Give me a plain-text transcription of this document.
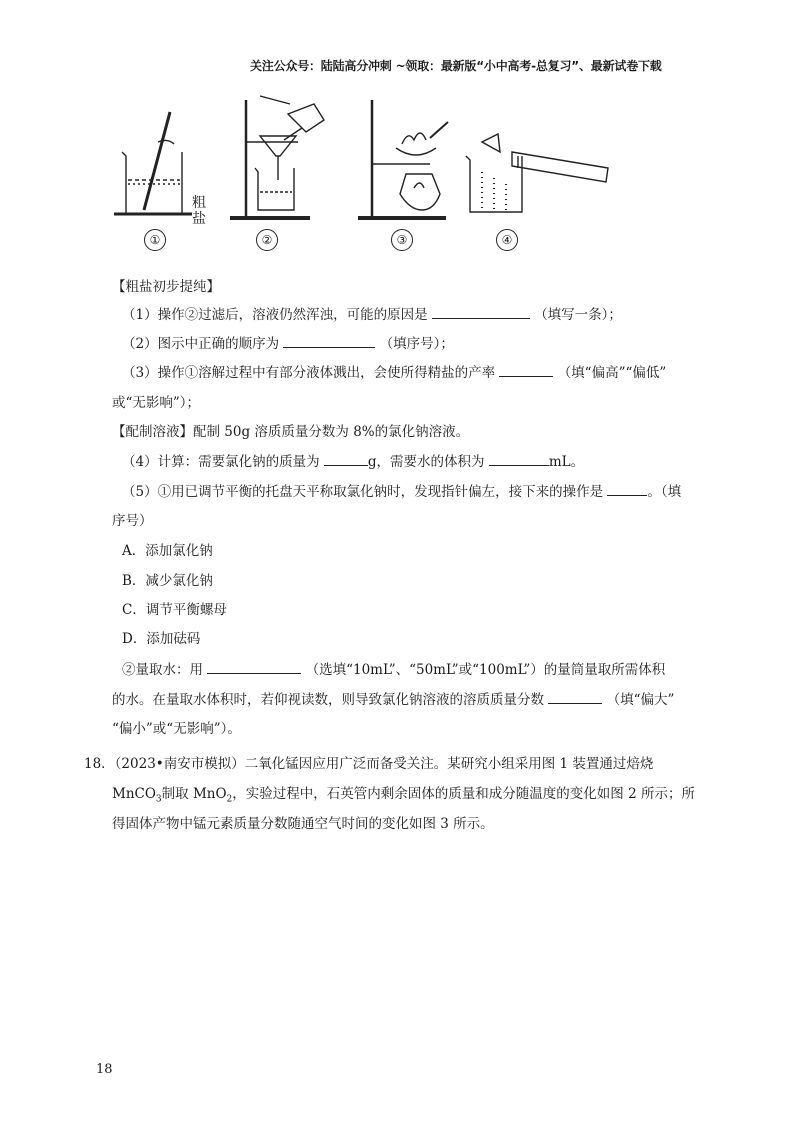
关注公众号：陆陆高分冲刺 ~领取：最新版“小中高考-总复习”、最新试卷下载
粗
盐
①	②	③	④
【粗盐初步提纯】
（1）操作②过滤后，溶液仍然浑浊，可能的原因是	（填写一条）；
（2）图示中正确的顺序为	（填序号）；
（3）操作①溶解过程中有部分液体溅出，会使所得精盐的产率	（填“偏高”“偏低”
或“无影响”）；
【配制溶液】配制 50g 溶质质量分数为 8%的氯化钠溶液。
（4）计算：需要氯化钠的质量为	g，需要水的体积为	mL。
（5）①用已调节平衡的托盘天平称取氯化钠时，发现指针偏左，接下来的操作是	。（填
序号）
A．添加氯化钠
B．减少氯化钠
C．调节平衡螺母
D．添加砝码
②量取水：用	（选填“10mL”、“50mL”或“100mL”）的量筒量取所需体积
的水。在量取水体积时，若仰视读数，则导致氯化钠溶液的溶质质量分数	（填“偏大”
“偏小”或“无影响”）。
18．（2023•南安市模拟）二氧化锰因应用广泛而备受关注。某研究小组采用图 1 装置通过焙烧
MnCO$_3$制取 MnO$_2$，实验过程中，石英管内剩余固体的质量和成分随温度的变化如图 2 所示；所
得固体产物中锰元素质量分数随通空气时间的变化如图 3 所示。
18
